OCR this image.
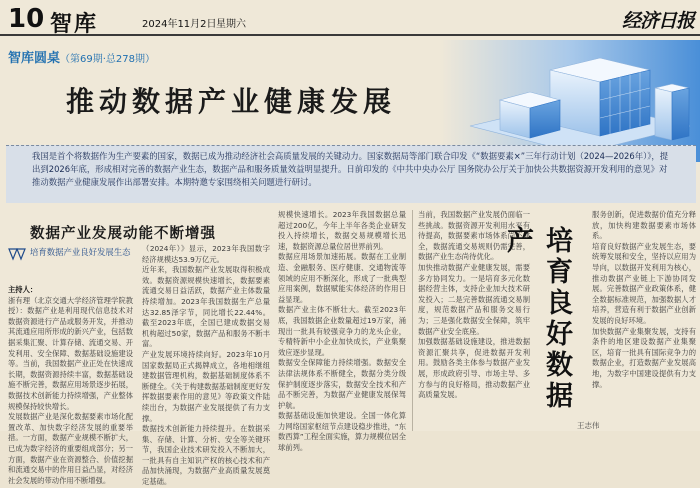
10 智库	2024年11月2日 星期六	经济日报
智库圆桌（第69期·总278期）
推动数据产业健康发展
我国是首个将数据作为生产要素的国家，数据已成为推动经济社会高质量发展的关键动力。国家数据局等部门联合印发《“数据要素×”三年行动计划（2024—2026年）》，提出到2026年底，形成相对完善的数据产业生态，数据产品和服务质量效益明显提升。日前印发的《中共中央办公厅 国务院办公厅关于加快公共数据资源开发利用的意见》对推动数据产业健康发展作出部署安排。本期特邀专家围绕相关问题进行研讨。
数据产业发展动能不断增强
培育数据产业良好发展生态

主持人：

浙有理（北京交通大学经济管理学院教授）：数据产业是利用现代信息技术对数据资源进行产品或服务开发，并推动其流通应用所形成的新兴产业，包括数据采集汇聚、计算存储、流通交易、开发利用、安全保障、数据基础设施建设等。当前，我国数据产业正处在快速成长期，数据资源持续丰富，数据基础设施不断完善，数据应用场景逐步拓展，数据技术创新能力持续增强，产业整体规模保持较快增长。

发展数据产业是深化数据要素市场化配置改革、加快数字经济发展的重要举措。一方面，数据产业规模不断扩大，已成为数字经济的重要组成部分；另一方面，数据产业在资源整合、价值挖掘和流通交易中的作用日益凸显，对经济社会发展的带动作用不断增强。

（2024年）》显示，2023年我国数字经济规模达53.9万亿元。

近年来，我国数据产业发展取得积极成效。数据资源规模快速增长，数据要素流通交易日益活跃，数据产业主体数量持续增加。2023年我国数据生产总量达32.85泽字节，同比增长22.44%。截至2023年底，全国已建成数据交易机构超过50家，数据产品和服务不断丰富。

产业发展环境持续向好。2023年10月国家数据局正式揭牌成立，各地相继组建数据管理机构，数据基础制度体系不断健全。《关于构建数据基础制度更好发挥数据要素作用的意见》等政策文件陆续出台，为数据产业发展提供了有力支撑。

数据技术创新能力持续提升。在数据采集、存储、计算、分析、安全等关键环节，我国企业技术研发投入不断加大，一批具有自主知识产权的核心技术和产品加快涌现，为数据产业高质量发展奠定基础。

规模快速增长。2023年我国数据总量超过200亿，今年上半年各类企业研发投入持续增长，数据交易规模增长迅速，数据资源总量位居世界前列。

数据应用场景加速拓展。数据在工业制造、金融服务、医疗健康、交通物流等领域的应用不断深化，形成了一批典型应用案例，数据赋能实体经济的作用日益显现。

数据产业主体不断壮大。截至2023年底，我国数据企业数量超过19万家，涌现出一批具有较强竞争力的龙头企业，专精特新中小企业加快成长，产业集聚效应逐步显现。

数据安全保障能力持续增强。数据安全法律法规体系不断健全，数据分类分级保护制度逐步落实，数据安全技术和产品不断完善，为数据产业健康发展保驾护航。

数据基础设施加快建设。全国一体化算力网络国家枢纽节点建设稳步推进，“东数西算”工程全面实施，算力规模位居全球前列。

当前，我国数据产业发展仍面临一些挑战。数据资源开发利用水平有待提高，数据要素市场体系尚不健全，数据流通交易规则仍需完善，数据产业生态尚待优化。

加快推动数据产业健康发展，需要多方协同发力。一是培育多元化数据经营主体，支持企业加大技术研发投入；二是完善数据流通交易制度，规范数据产品和服务交易行为；三是强化数据安全保障，筑牢数据产业安全底座。

加强数据基础设施建设，推进数据资源汇聚共享，促进数据开发利用。鼓励各类主体参与数据产业发展，形成政府引导、市场主导、多方参与的良好格局，推动数据产业高质量发展。	培育良好数据产
王志伟

服务创新，促进数据价值充分释放，加快构建数据要素市场体系。

培育良好数据产业发展生态，要统筹发展和安全，坚持以应用为导向，以数据开发利用为核心，推动数据产业链上下游协同发展。完善数据产业政策体系，健全数据标准规范，加强数据人才培养，营造有利于数据产业创新发展的良好环境。

加快数据产业集聚发展，支持有条件的地区建设数据产业集聚区，培育一批具有国际竞争力的数据企业，打造数据产业发展高地，为数字中国建设提供有力支撑。
